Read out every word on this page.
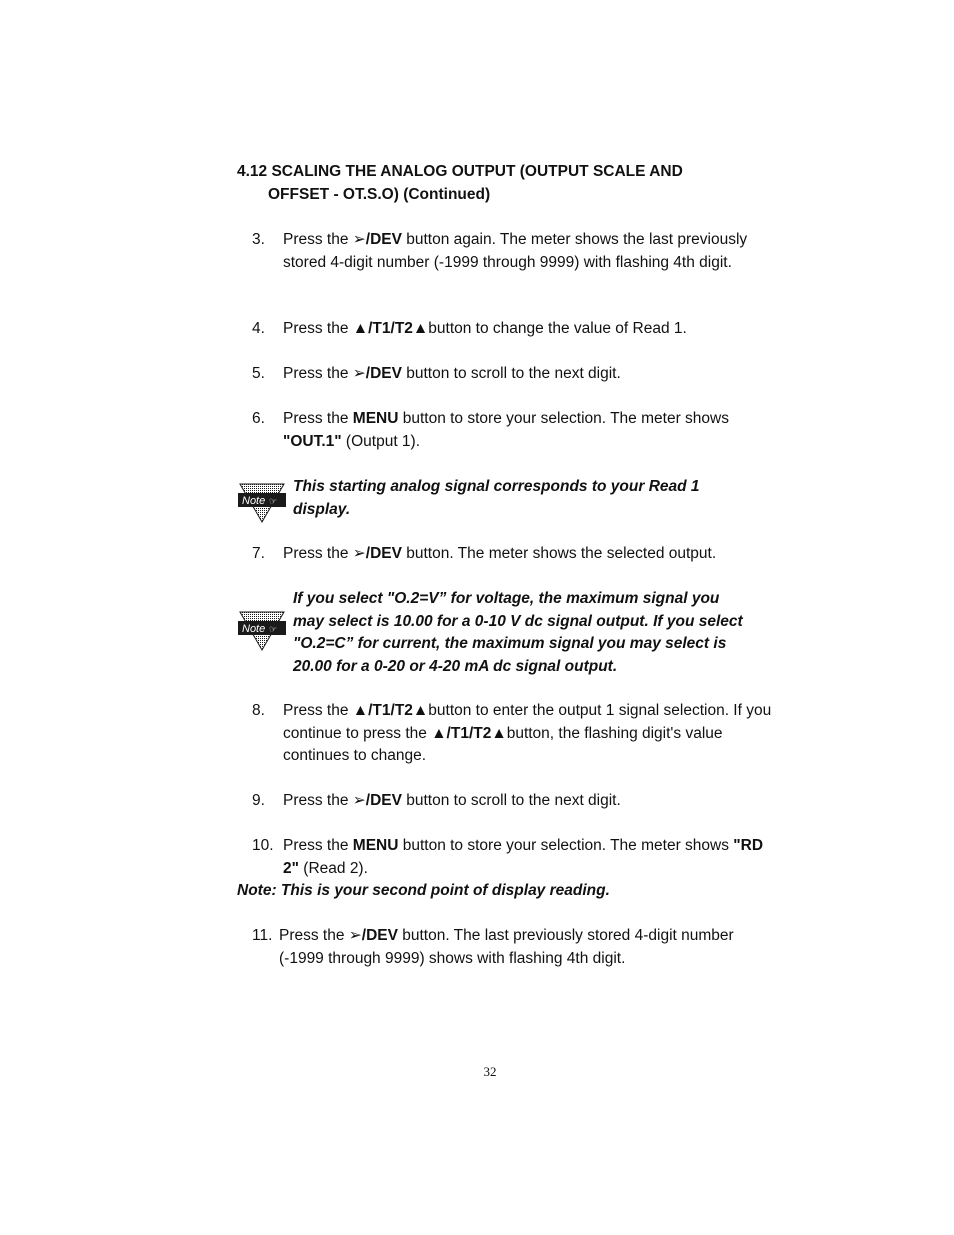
4.12 SCALING THE ANALOG OUTPUT (OUTPUT SCALE AND
OFFSET - OT.S.O) (Continued)
3. Press the ➢/DEV button again. The meter shows the last previously stored 4-digit number (-1999 through 9999) with flashing 4th digit.
4. Press the ▲/T1/T2▲button to change the value of Read 1.
5. Press the ➢/DEV button to scroll to the next digit.
6. Press the MENU button to store your selection. The meter shows "OUT.1" (Output 1).
Note ☞
This starting analog signal corresponds to your Read 1 display.
7. Press the ➢/DEV button. The meter shows the selected output.
Note ☞
If you select "O.2=V” for voltage, the maximum signal you may select is 10.00 for a 0-10 V dc signal output. If you select "O.2=C” for current, the maximum signal you may select is 20.00 for a 0-20 or 4-20 mA dc signal output.
8. Press the ▲/T1/T2▲button to enter the output 1 signal selection. If you continue to press the ▲/T1/T2▲button, the flashing digit's value continues to change.
9. Press the ➢/DEV button to scroll to the next digit.
10. Press the MENU button to store your selection. The meter shows "RD 2" (Read 2).
Note: This is your second point of display reading.
11. Press the ➢/DEV button. The last previously stored 4-digit number (-1999 through 9999) shows with flashing 4th digit.
32
